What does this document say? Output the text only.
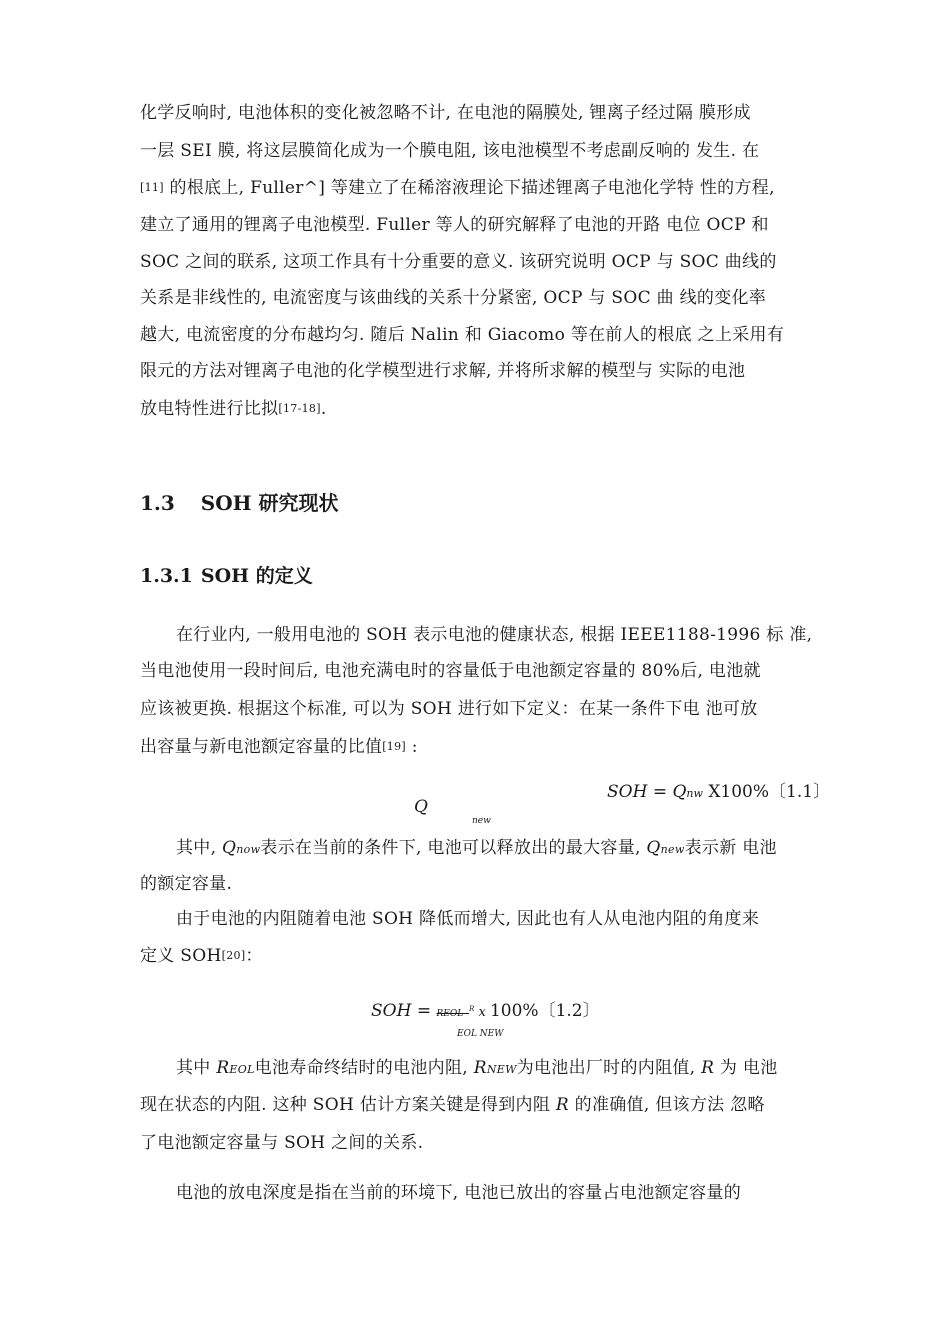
化学反响时, 电池体积的变化被忽略不计, 在电池的隔膜处, 锂离子经过隔 膜形成
一层 SEI 膜, 将这层膜简化成为一个膜电阻, 该电池模型不考虑副反响的 发生. 在
[11] 的根底上, Fuller^] 等建立了在稀溶液理论下描述锂离子电池化学特 性的方程,
建立了通用的锂离子电池模型. Fuller 等人的研究解释了电池的开路 电位 OCP 和
SOC 之间的联系, 这项工作具有十分重要的意义. 该研究说明 OCP 与 SOC 曲线的
关系是非线性的, 电流密度与该曲线的关系十分紧密, OCP 与 SOC 曲 线的变化率
越大, 电流密度的分布越均匀. 随后 Nalin 和 Giacomo 等在前人的根底 之上采用有
限元的方法对锂离子电池的化学模型进行求解, 并将所求解的模型与 实际的电池
放电特性进行比拟[17-18].
1.3 SOH 研究现状
1.3.1 SOH 的定义
在行业内, 一般用电池的 SOH 表示电池的健康状态, 根据 IEEE1188-1996 标 准,
当电池使用一段时间后, 电池充满电时的容量低于电池额定容量的 80%后, 电池就
应该被更换. 根据这个标准, 可以为 SOH 进行如下定义：在某一条件下电 池可放
出容量与新电池额定容量的比值[19] :
SOH = Qnw X100%〔1.1〕
Q
new
其中, Qnow表示在当前的条件下, 电池可以释放出的最大容量, Qnew表示新 电池
的额定容量.
由于电池的内阻随着电池 SOH 降低而增大, 因此也有人从电池内阻的角度来
定义 SOH[20]：
SOH = REOL -$^R$ x 100%〔1.2〕
EOL NEW
其中 REOL电池寿命终结时的电池内阻, RNEW为电池出厂时的内阻值, R 为 电池
现在状态的内阻. 这种 SOH 估计方案关键是得到内阻 R 的准确值, 但该方法 忽略
了电池额定容量与 SOH 之间的关系.
电池的放电深度是指在当前的环境下, 电池已放出的容量占电池额定容量的
